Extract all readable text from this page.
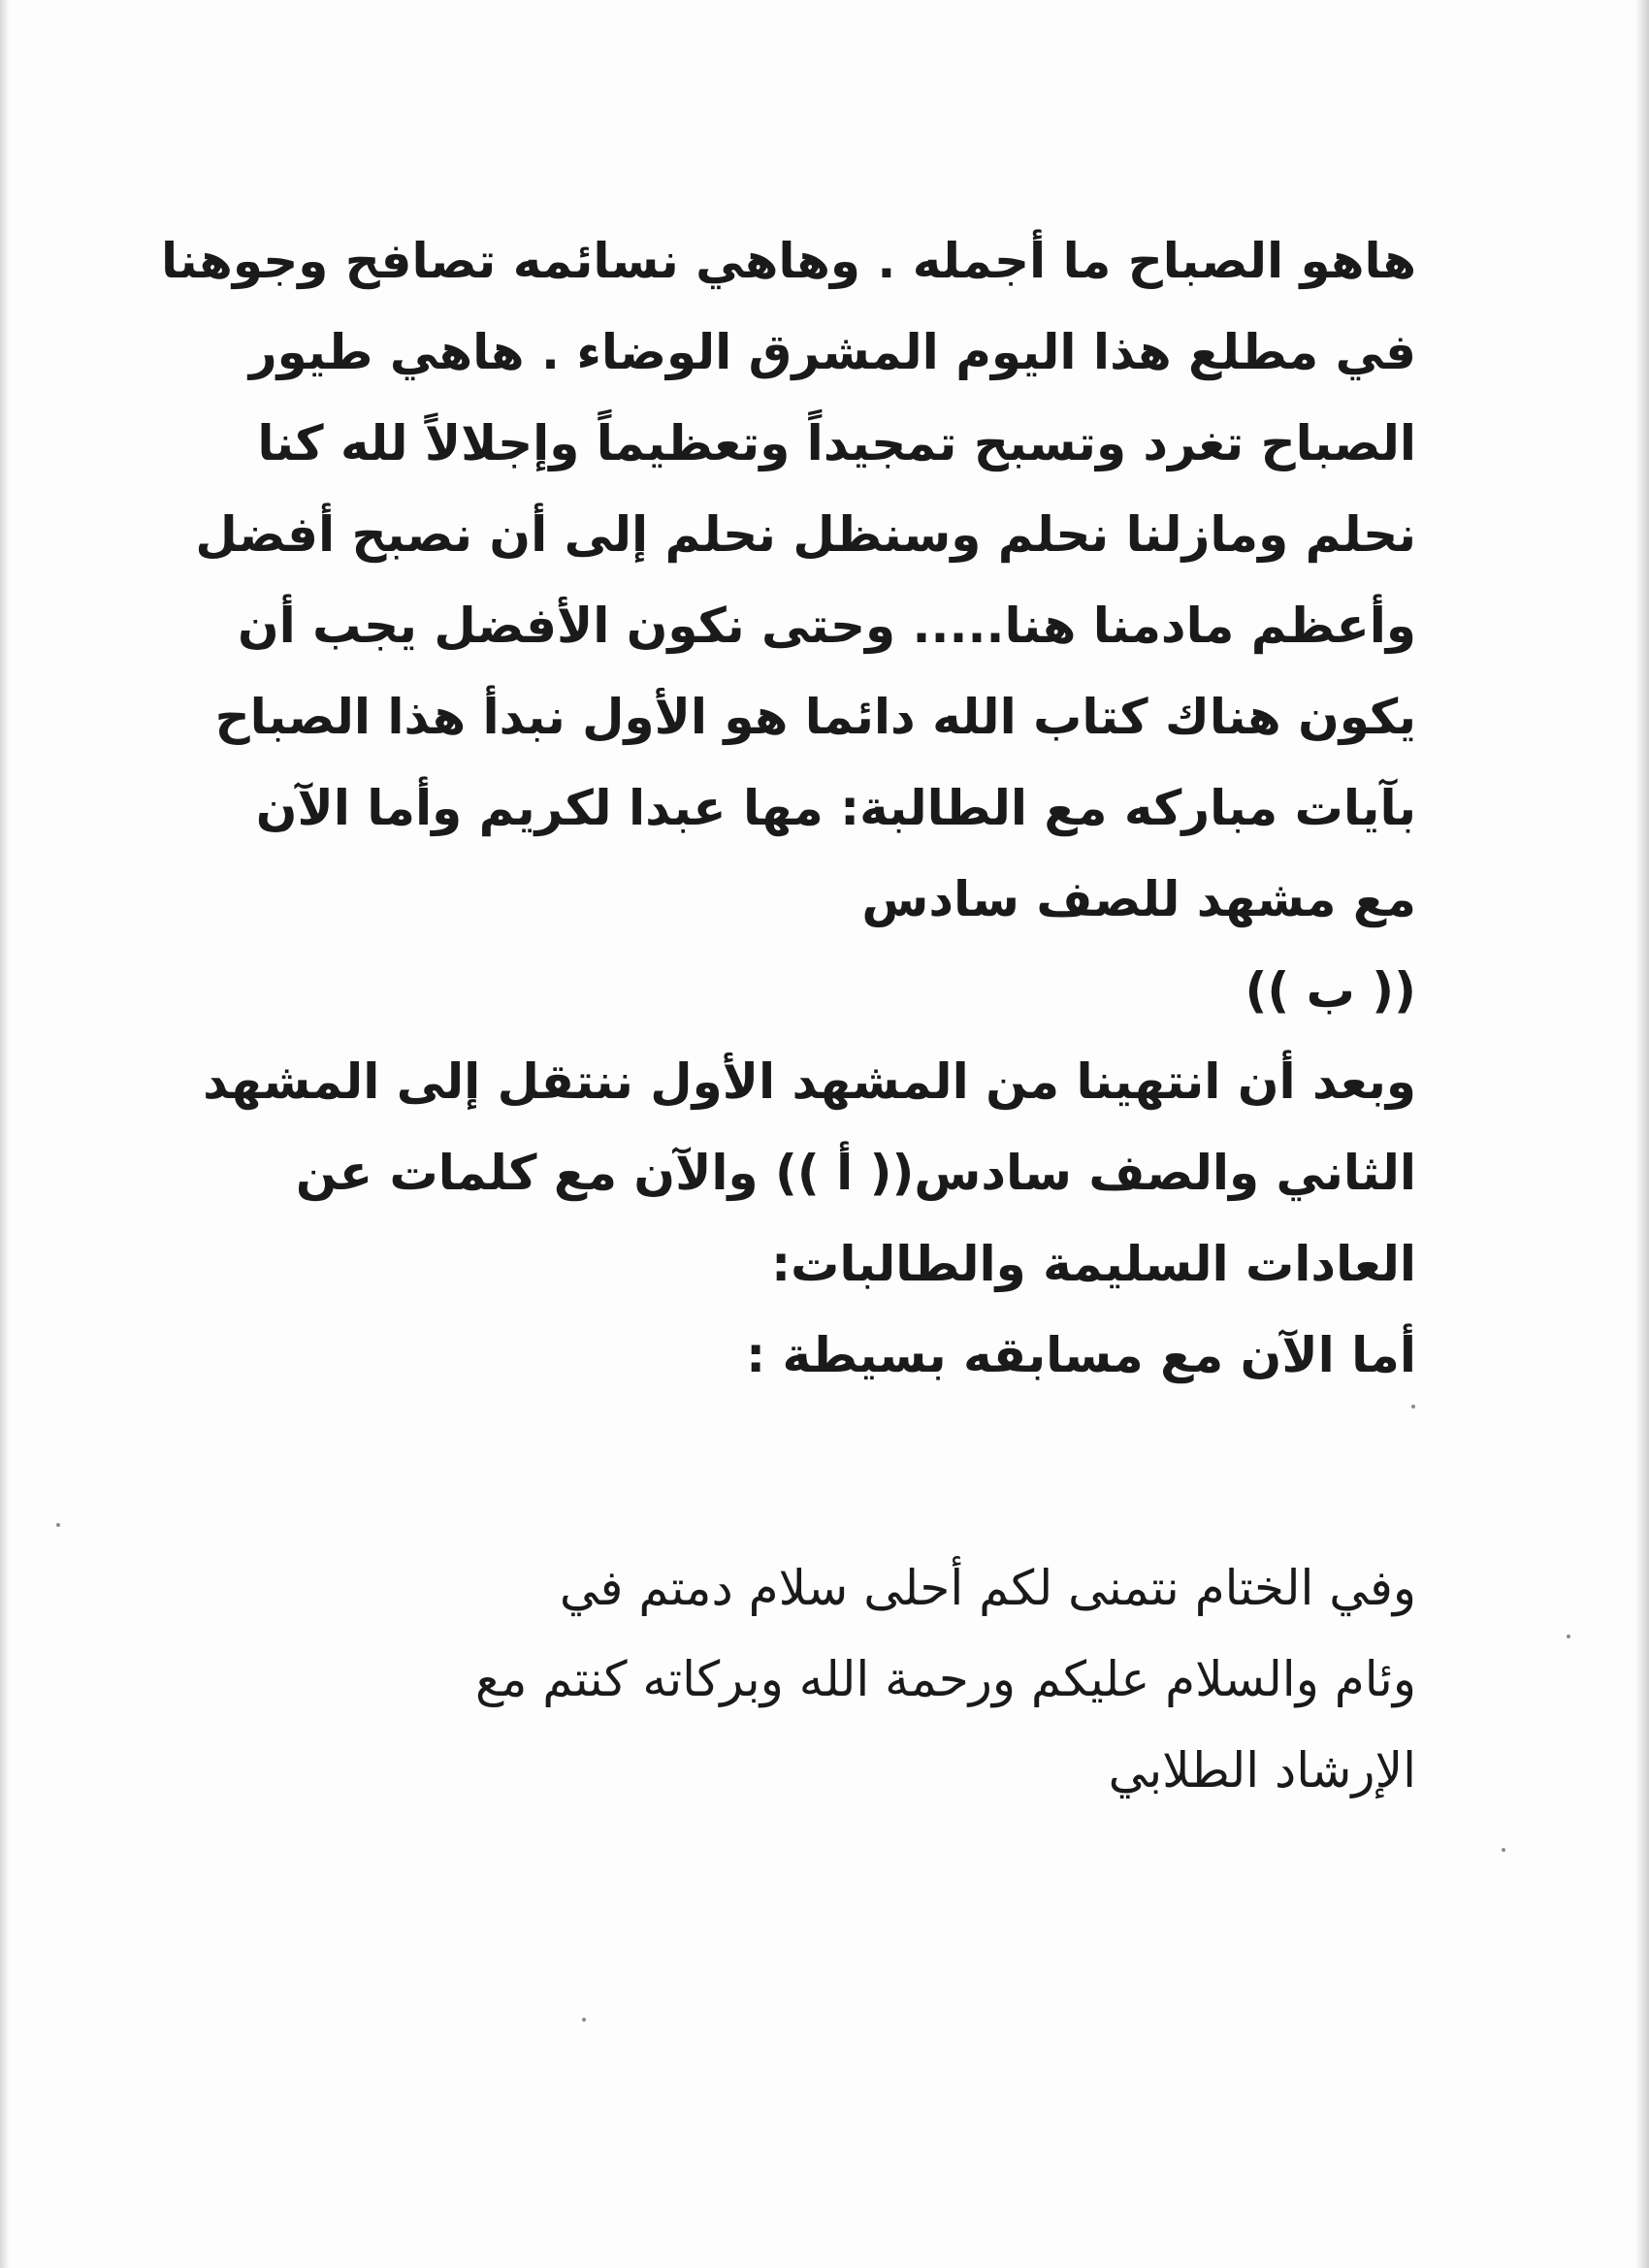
هاهو الصباح ما أجمله . وهاهي نسائمه تصافح وجوهنا
في مطلع هذا اليوم المشرق الوضاء . هاهي طيور
الصباح تغرد وتسبح تمجيداً وتعظيماً وإجلالاً لله كنا
نحلم ومازلنا نحلم وسنظل نحلم إلى أن نصبح أفضل
وأعظم مادمنا هنا..... وحتى نكون الأفضل يجب أن
يكون هناك كتاب الله دائما هو الأول نبدأ هذا الصباح
بآيات مباركه مع الطالبة: مها عبدا لكريم وأما الآن
مع مشهد للصف سادس
(( ب ))
وبعد أن انتهينا من المشهد الأول ننتقل إلى المشهد
الثاني والصف سادس(( أ )) والآن مع كلمات عن
العادات السليمة والطالبات:
أما الآن مع مسابقه بسيطة :
وفي الختام نتمنى لكم أحلى سلام دمتم في
وئام والسلام عليكم ورحمة الله وبركاته كنتم مع
الإرشاد الطلابي
